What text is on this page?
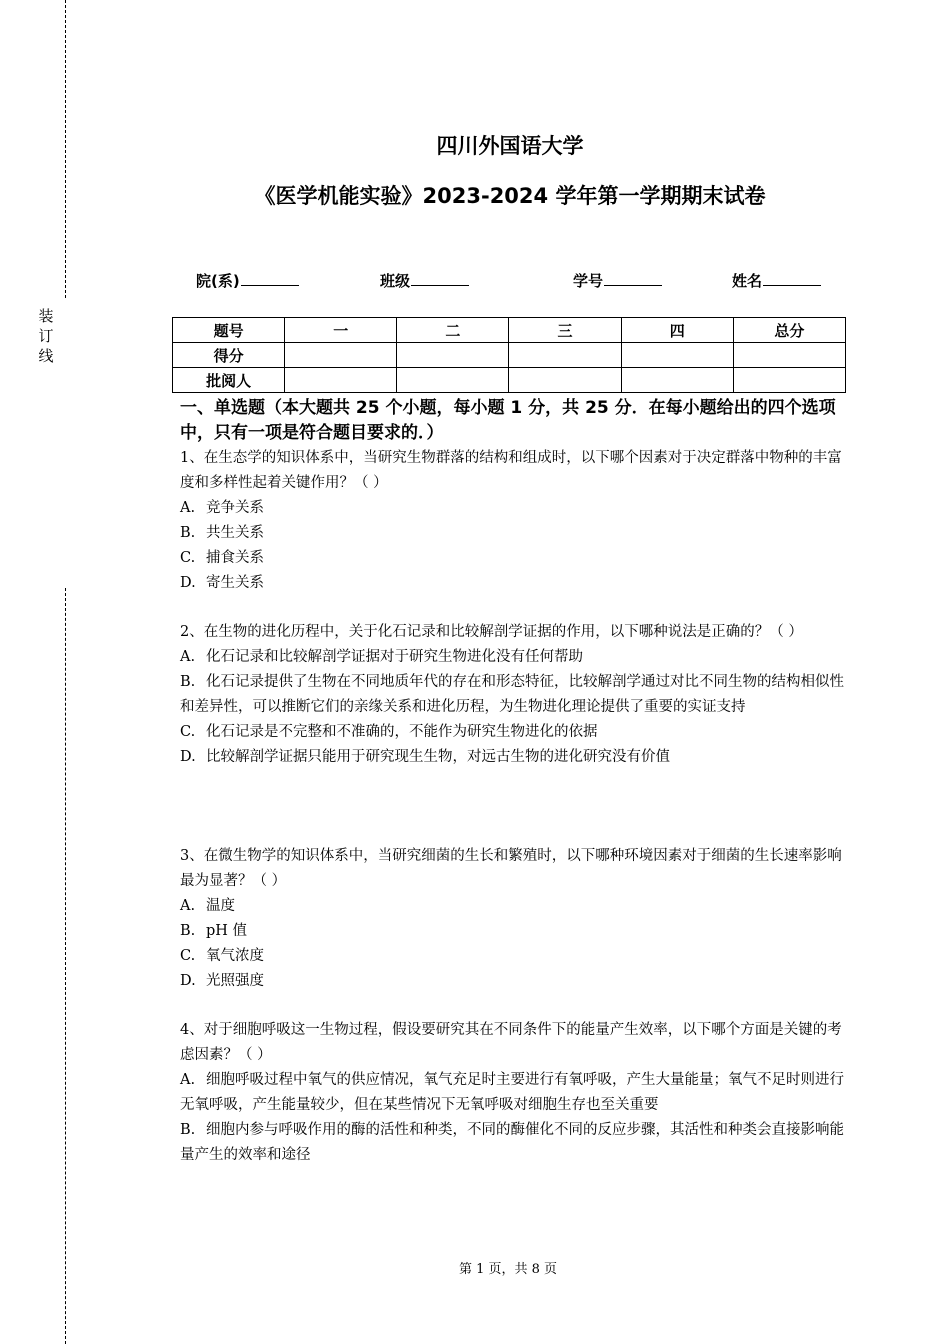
装
订
线
四川外国语大学
《医学机能实验》2023-2024 学年第一学期期末试卷
院(系)	班级	学号	姓名
题号	一	二	三	四	总分
得分					
批阅人					
一、单选题（本大题共 25 个小题，每小题 1 分，共 25 分．在每小题给出的四个选项中，只有一项是符合题目要求的．）

1、在生态学的知识体系中，当研究生物群落的结构和组成时，以下哪个因素对于决定群落中物种的丰富度和多样性起着关键作用？（ ）

A. 竞争关系

B. 共生关系

C. 捕食关系

D. 寄生关系

2、在生物的进化历程中，关于化石记录和比较解剖学证据的作用，以下哪种说法是正确的？（ ）

A. 化石记录和比较解剖学证据对于研究生物进化没有任何帮助

B. 化石记录提供了生物在不同地质年代的存在和形态特征，比较解剖学通过对比不同生物的结构相似性和差异性，可以推断它们的亲缘关系和进化历程，为生物进化理论提供了重要的实证支持

C. 化石记录是不完整和不准确的，不能作为研究生物进化的依据

D. 比较解剖学证据只能用于研究现生生物，对远古生物的进化研究没有价值

3、在微生物学的知识体系中，当研究细菌的生长和繁殖时，以下哪种环境因素对于细菌的生长速率影响最为显著？（ ）

A. 温度

B. pH 值

C. 氧气浓度

D. 光照强度

4、对于细胞呼吸这一生物过程，假设要研究其在不同条件下的能量产生效率，以下哪个方面是关键的考虑因素？（ ）

A. 细胞呼吸过程中氧气的供应情况，氧气充足时主要进行有氧呼吸，产生大量能量；氧气不足时则进行无氧呼吸，产生能量较少，但在某些情况下无氧呼吸对细胞生存也至关重要

B. 细胞内参与呼吸作用的酶的活性和种类，不同的酶催化不同的反应步骤，其活性和种类会直接影响能量产生的效率和途径

第 1 页，共 8 页
